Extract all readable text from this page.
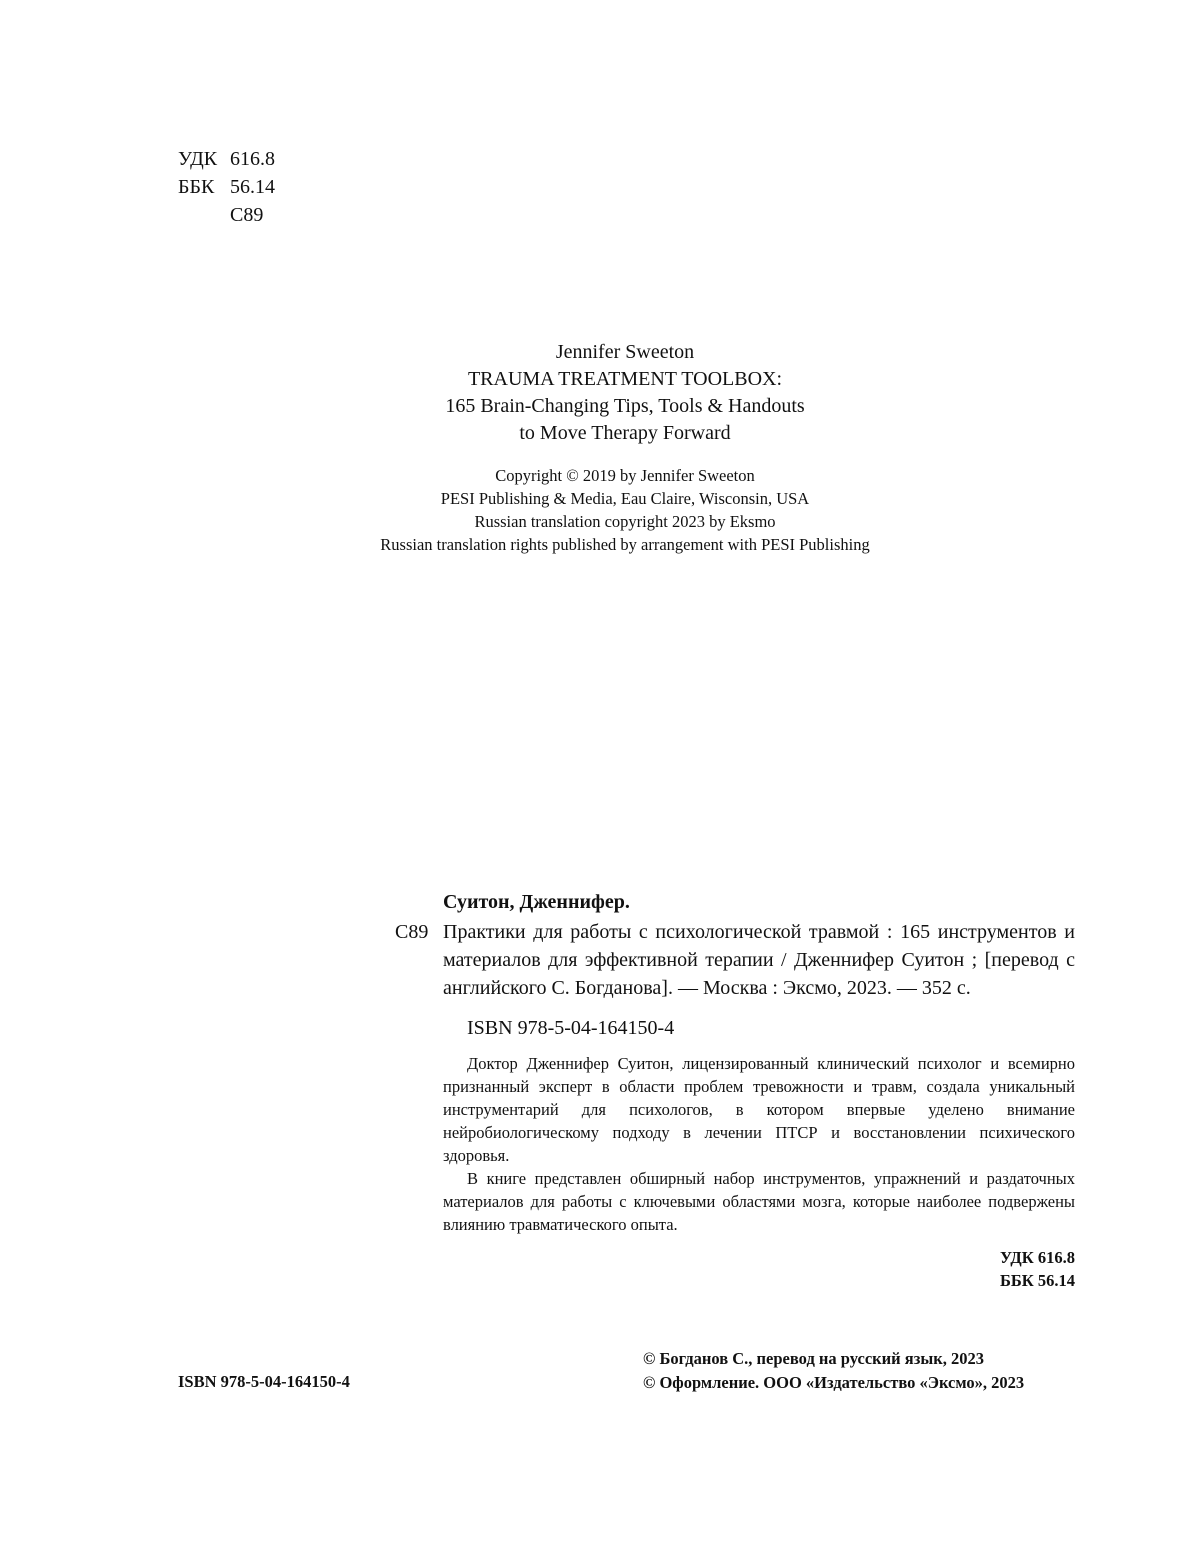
УДК 616.8
ББК 56.14
С89
Jennifer Sweeton
TRAUMA TREATMENT TOOLBOX:
165 Brain-Changing Tips, Tools & Handouts
to Move Therapy Forward
Copyright © 2019 by Jennifer Sweeton
PESI Publishing & Media, Eau Claire, Wisconsin, USA
Russian translation copyright 2023 by Eksmo
Russian translation rights published by arrangement with PESI Publishing
Суитон, Дженнифер.
Практики для работы с психологической травмой : 165 инструментов и материалов для эффективной терапии / Дженнифер Суитон ; [перевод с английского С. Богданова]. — Москва : Эксмо, 2023. — 352 с.
ISBN 978-5-04-164150-4

Доктор Дженнифер Суитон, лицензированный клинический психолог и всемирно признанный эксперт в области проблем тревожности и травм, создала уникальный инструментарий для психологов, в котором впервые уделено внимание нейробиологическому подходу в лечении ПТСР и восстановлении психического здоровья.

В книге представлен обширный набор инструментов, упражнений и раздаточных материалов для работы с ключевыми областями мозга, которые наиболее подвержены влиянию травматического опыта.

УДК 616.8
ББК 56.14
С89
ISBN 978-5-04-164150-4
© Богданов С., перевод на русский язык, 2023
© Оформление. ООО «Издательство «Эксмо», 2023
